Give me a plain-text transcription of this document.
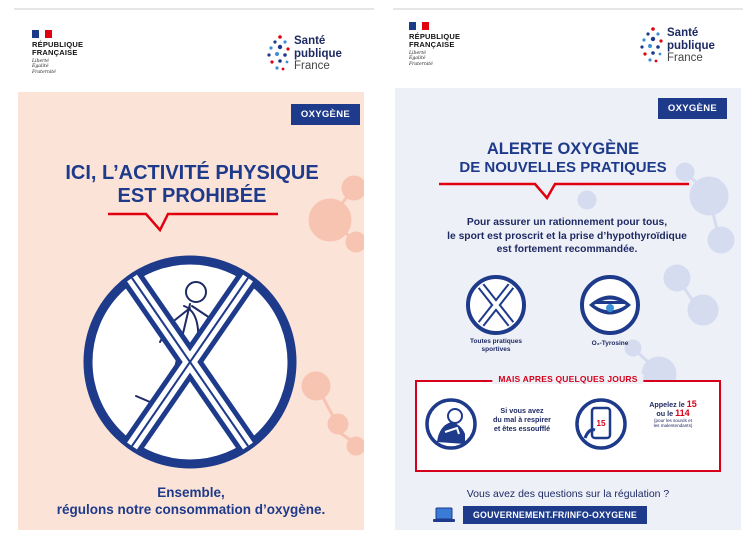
RÉPUBLIQUE
FRANÇAISE
Liberté
Égalité
Fraternité
Santé
publique
France
OXYGÈNE
ICI, L’ACTIVITÉ PHYSIQUE
EST PROHIBÉE
Ensemble,
régulons notre consommation d’oxygène.
RÉPUBLIQUE
FRANÇAISE
Liberté
Égalité
Fraternité
Santé
publique
France
OXYGÈNE
ALERTE OXYGÈNE
DE NOUVELLES PRATIQUES
Pour assurer un rationnement pour tous,
le sport est proscrit et la prise d’hypothyroïdique
est fortement recommandée.
Toutes pratiques
sportives
O₂-Tyrosine
MAIS APRES QUELQUES JOURS
Si vous avez
du mal à respirer
et êtes essoufflé
15
Appelez le 15
ou le 114
(pour les sourds et
les malentendants)
Vous avez des questions sur la régulation ?
GOUVERNEMENT.FR/INFO-OXYGENE
